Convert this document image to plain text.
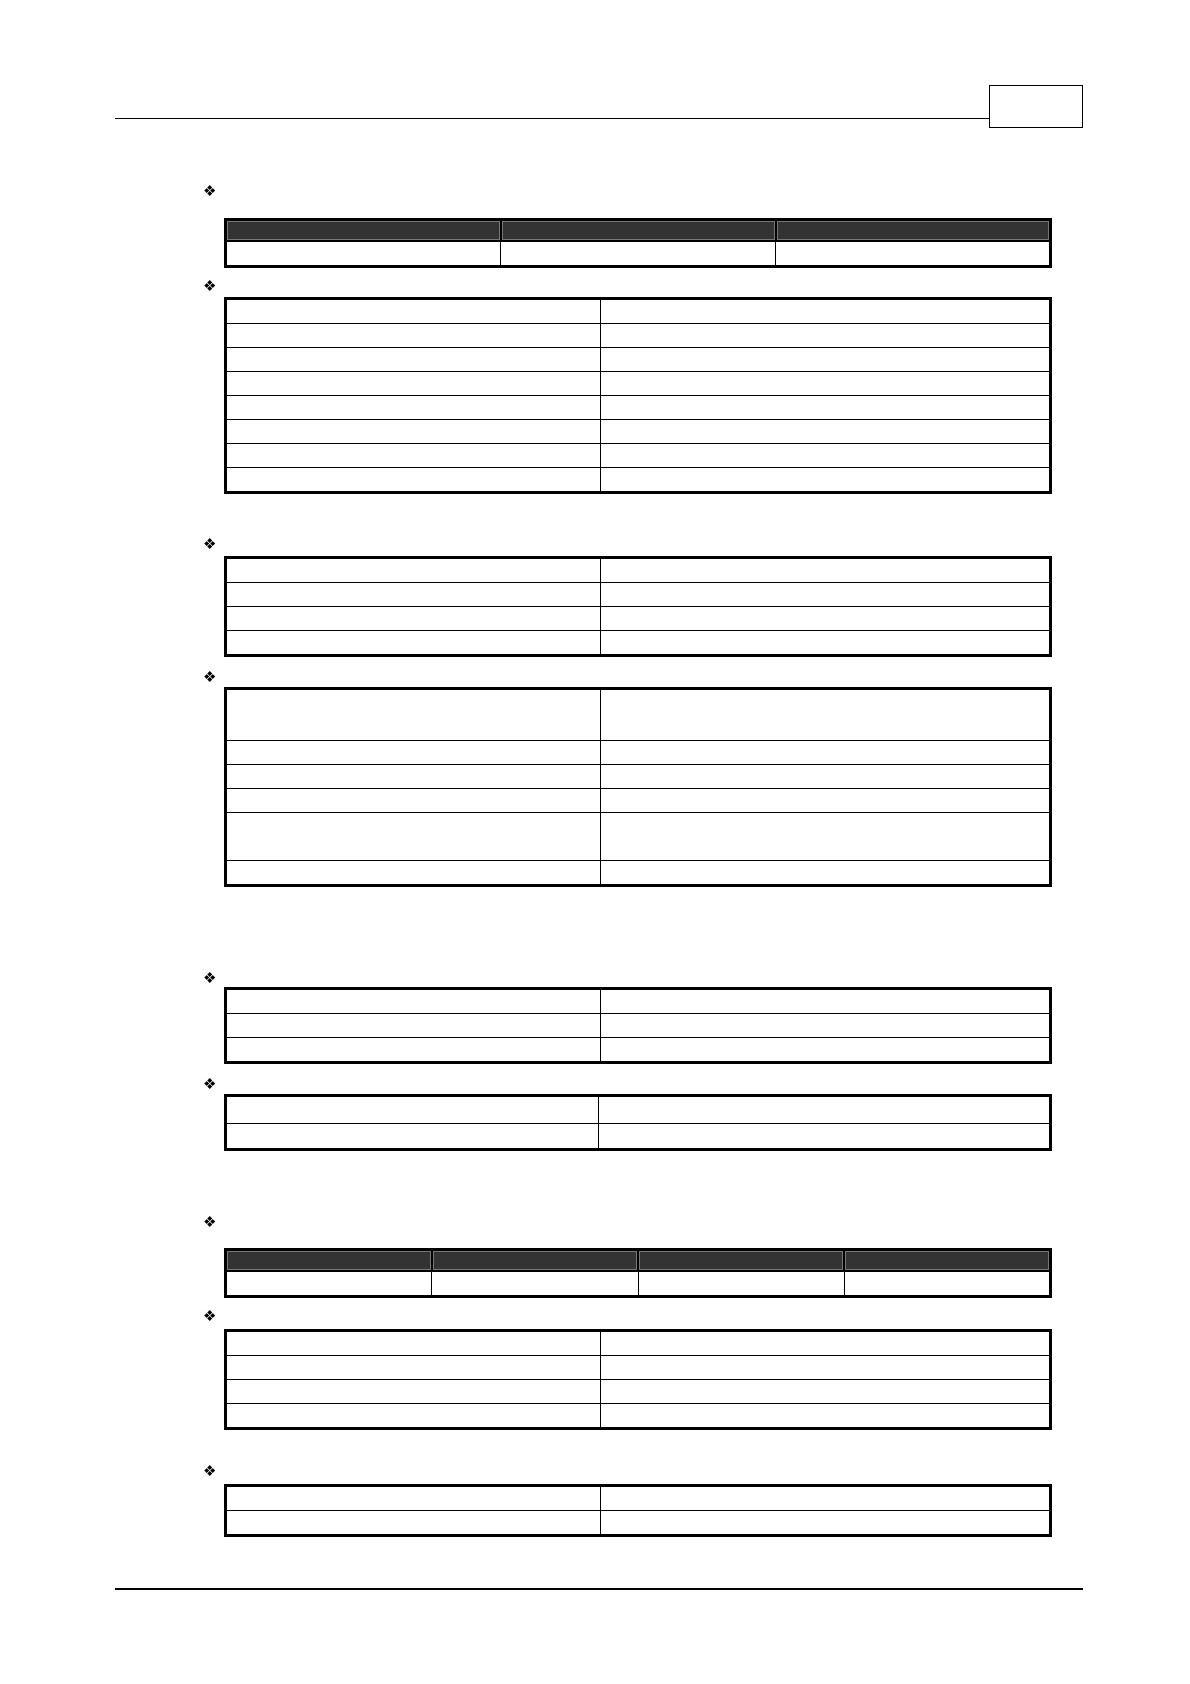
❖

❖

❖

❖

❖

❖

❖

❖

❖
